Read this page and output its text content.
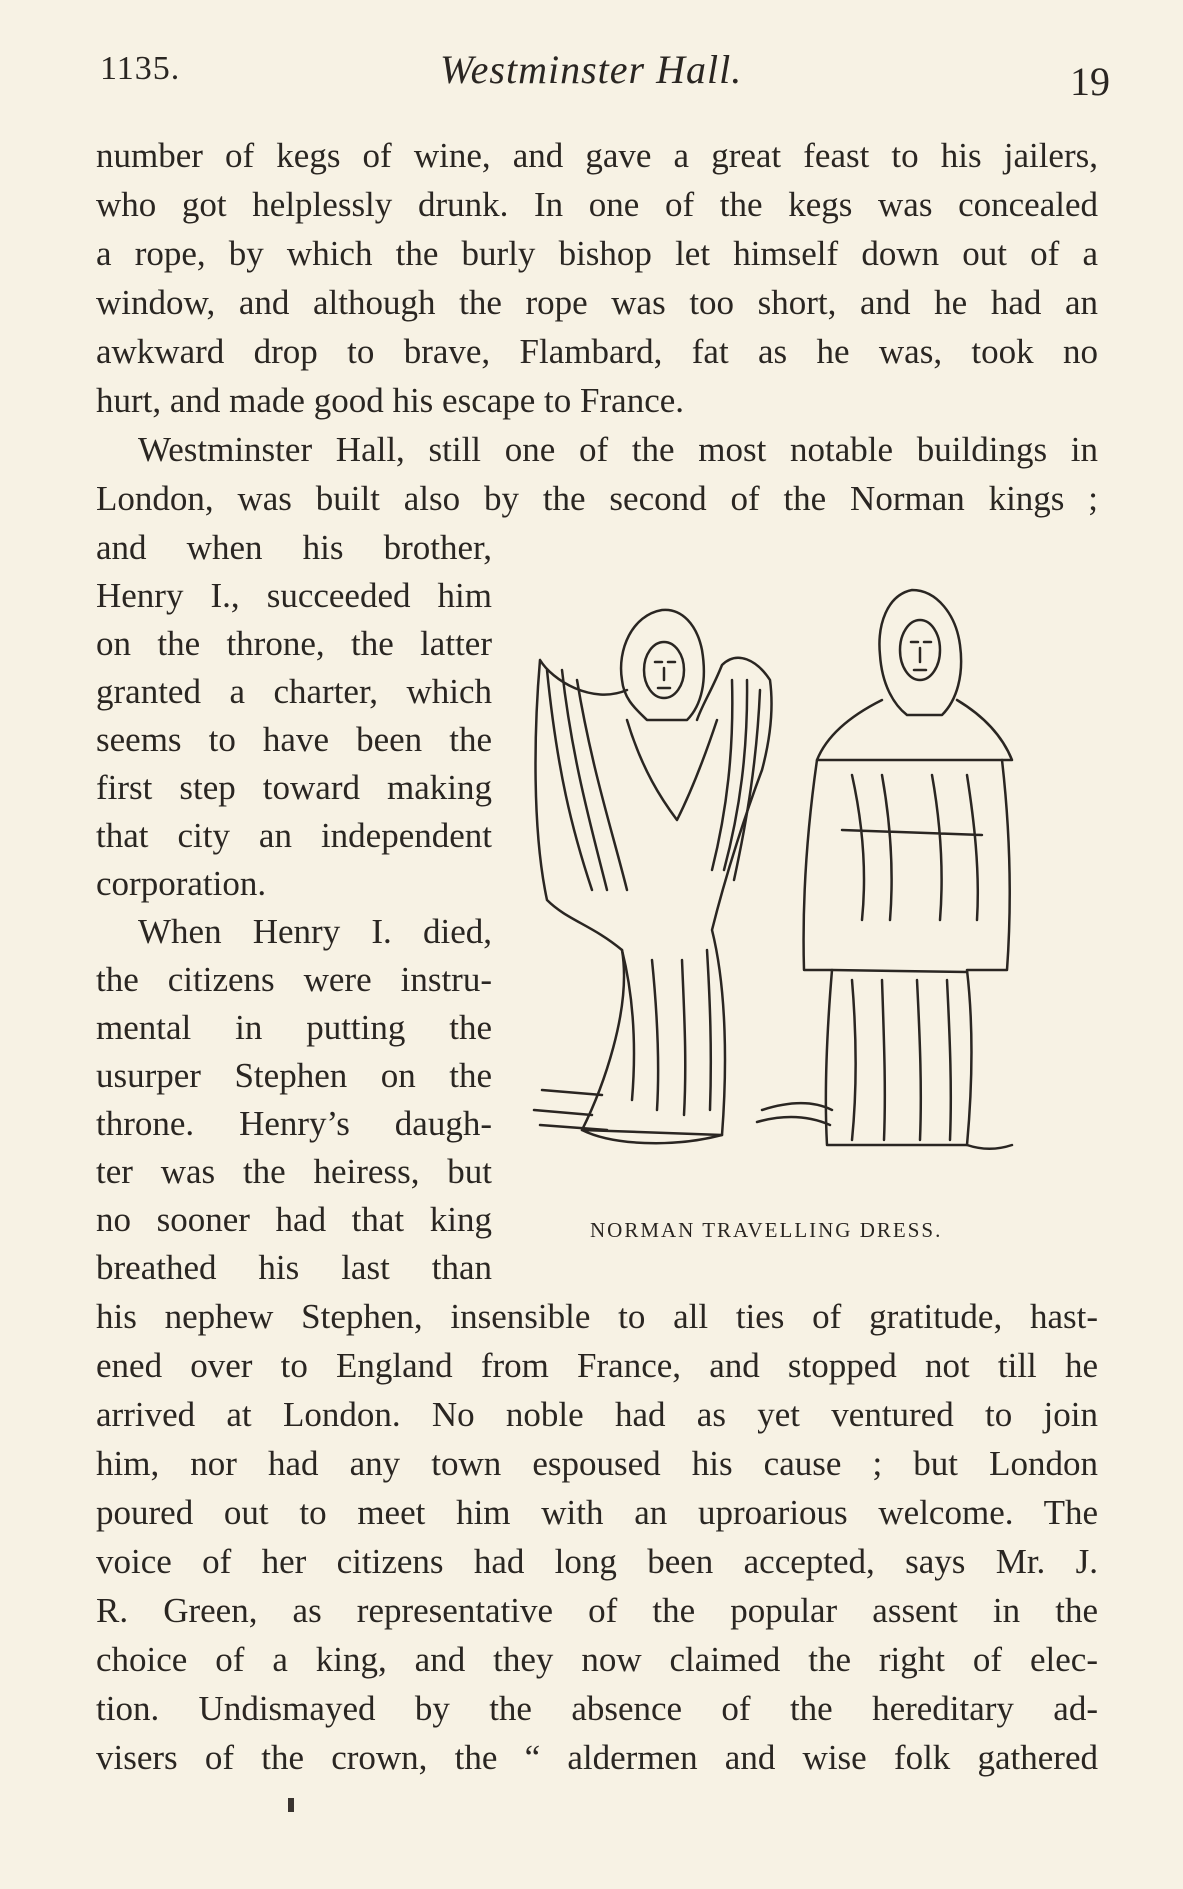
1135.	Westminster Hall.	19
number of kegs of wine, and gave a great feast to his jailers,
who got helplessly drunk. In one of the kegs was concealed
a rope, by which the burly bishop let himself down out of a
window, and although the rope was too short, and he had an
awkward drop to brave, Flambard, fat as he was, took no
hurt, and made good his escape to France.
Westminster Hall, still one of the most notable buildings in
London, was built also by the second of the Norman kings ;
and when his brother,
Henry I., succeeded him
on the throne, the latter
granted a charter, which
seems to have been the
first step toward making
that city an independent
corporation.
When Henry I. died,
the citizens were instru-
mental in putting the
usurper Stephen on the
throne. Henry’s daugh-
ter was the heiress, but
no sooner had that king
breathed his last than
his nephew Stephen, insensible to all ties of gratitude, hast-
ened over to England from France, and stopped not till he
arrived at London. No noble had as yet ventured to join
him, nor had any town espoused his cause ; but London
poured out to meet him with an uproarious welcome. The
voice of her citizens had long been accepted, says Mr. J.
R. Green, as representative of the popular assent in the
choice of a king, and they now claimed the right of elec-
tion. Undismayed by the absence of the hereditary ad-
visers of the crown, the “ aldermen and wise folk gathered
NORMAN TRAVELLING DRESS.
